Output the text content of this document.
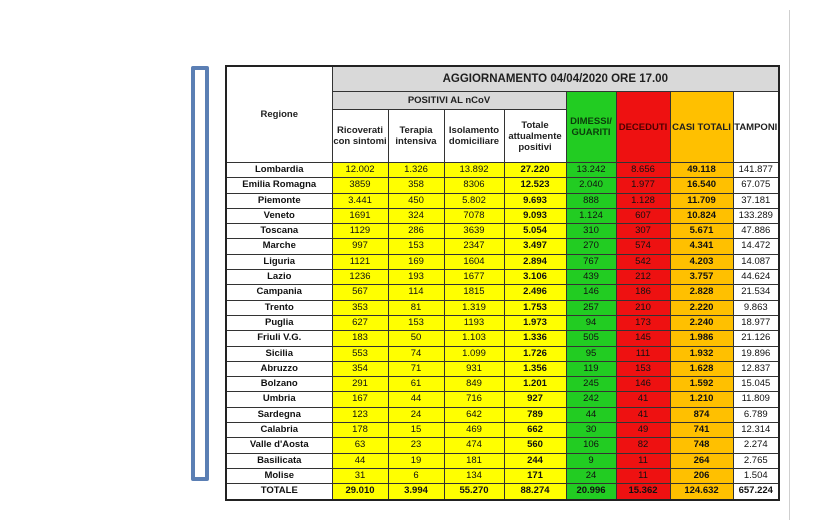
Regione	AGGIORNAMENTO 04/04/2020 ORE 17.00							
	POSITIVI AL nCoV				DIMESSI/ GUARITI	DECEDUTI	CASI TOTALI	TAMPONI
	Ricoverati con sintomi	Terapia intensiva	Isolamento domiciliare	Totale attualmente positivi				
Lombardia	12.002	1.326	13.892	27.220	13.242	8.656	49.118	141.877
Emilia Romagna	3859	358	8306	12.523	2.040	1.977	16.540	67.075
Piemonte	3.441	450	5.802	9.693	888	1.128	11.709	37.181
Veneto	1691	324	7078	9.093	1.124	607	10.824	133.289
Toscana	1129	286	3639	5.054	310	307	5.671	47.886
Marche	997	153	2347	3.497	270	574	4.341	14.472
Liguria	1121	169	1604	2.894	767	542	4.203	14.087
Lazio	1236	193	1677	3.106	439	212	3.757	44.624
Campania	567	114	1815	2.496	146	186	2.828	21.534
Trento	353	81	1.319	1.753	257	210	2.220	9.863
Puglia	627	153	1193	1.973	94	173	2.240	18.977
Friuli V.G.	183	50	1.103	1.336	505	145	1.986	21.126
Sicilia	553	74	1.099	1.726	95	111	1.932	19.896
Abruzzo	354	71	931	1.356	119	153	1.628	12.837
Bolzano	291	61	849	1.201	245	146	1.592	15.045
Umbria	167	44	716	927	242	41	1.210	11.809
Sardegna	123	24	642	789	44	41	874	6.789
Calabria	178	15	469	662	30	49	741	12.314
Valle d'Aosta	63	23	474	560	106	82	748	2.274
Basilicata	44	19	181	244	9	11	264	2.765
Molise	31	6	134	171	24	11	206	1.504
TOTALE	29.010	3.994	55.270	88.274	20.996	15.362	124.632	657.224
